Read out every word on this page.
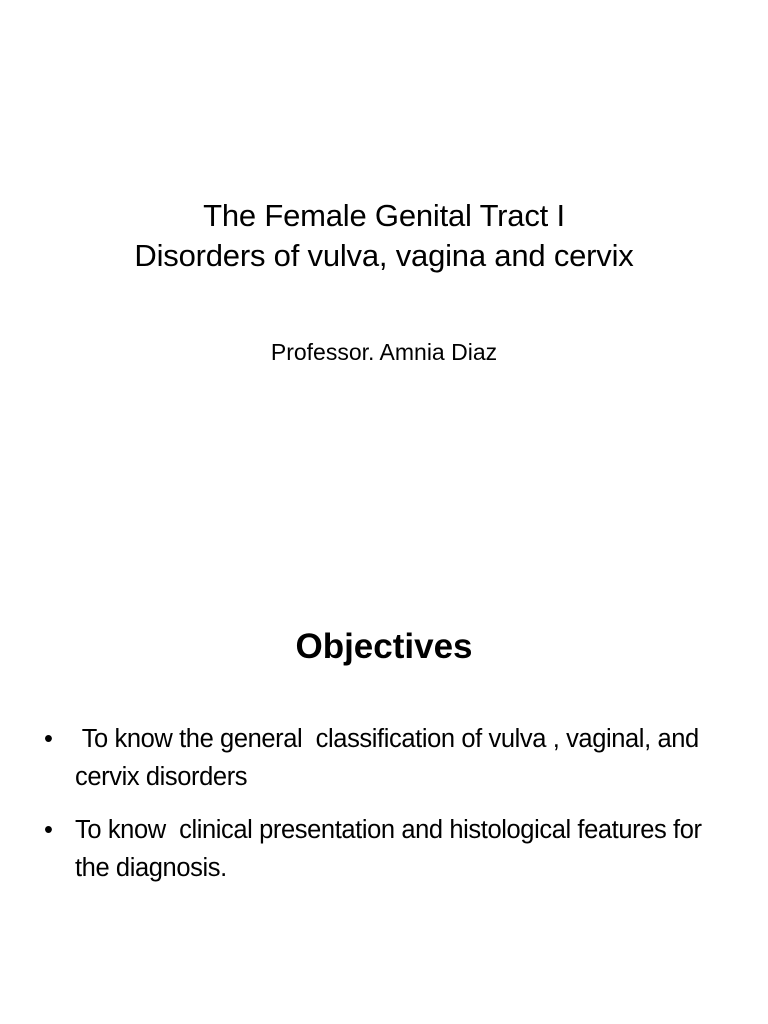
The Female Genital Tract I
Disorders of vulva, vagina and cervix
Professor. Amnia Diaz
Objectives
• To know the general  classification of vulva , vaginal, and cervix disorders
• To know  clinical presentation and histological features for the diagnosis.
